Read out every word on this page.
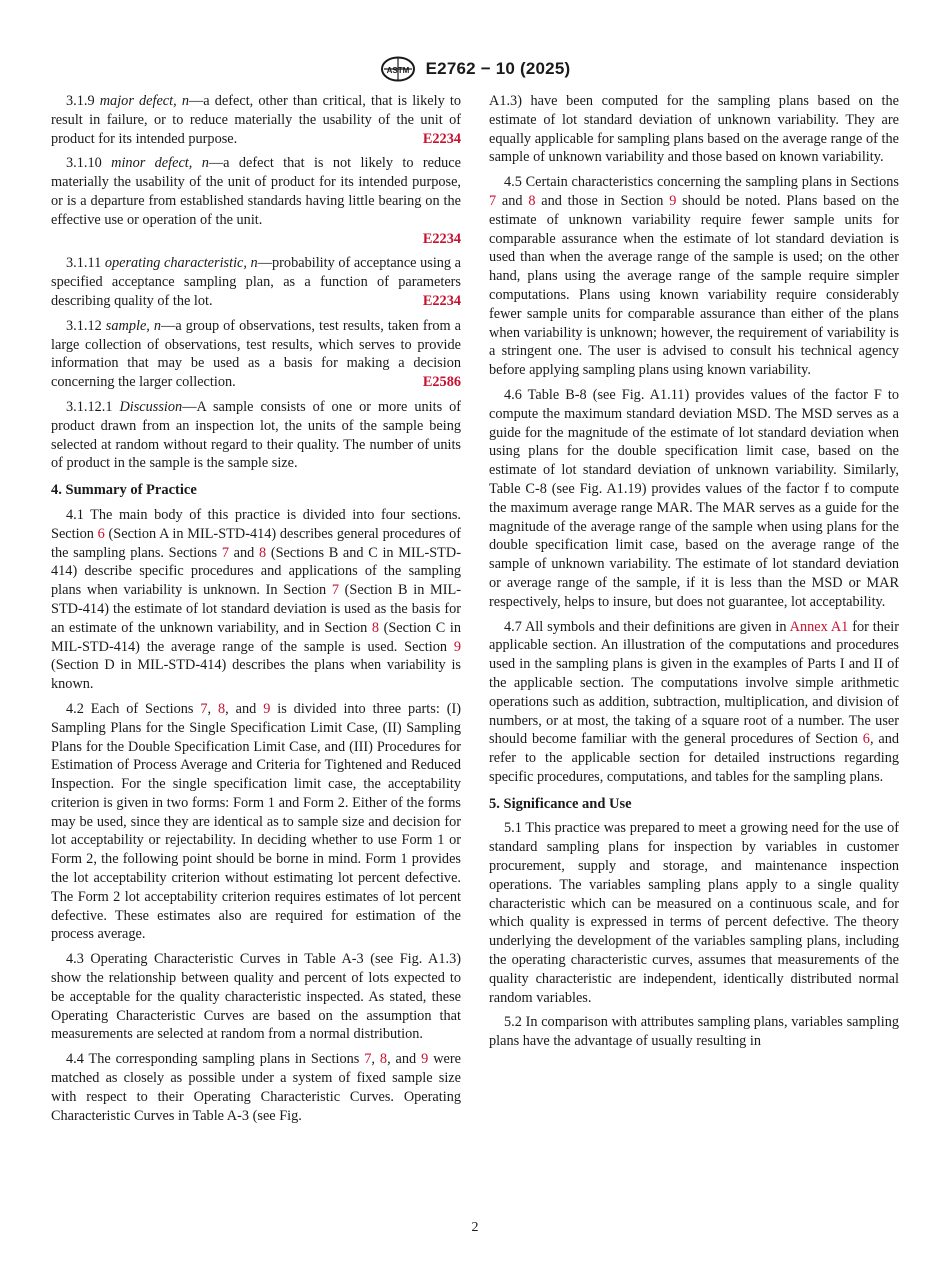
ASTM E2762 − 10 (2025)

3.1.9 major defect, n—a defect, other than critical, that is likely to result in failure, or to reduce materially the usability of the unit of product for its intended purpose.	E2234

3.1.10 minor defect, n—a defect that is not likely to reduce materially the usability of the unit of product for its intended purpose, or is a departure from established standards having little bearing on the effective use or operation of the unit.
E2234

3.1.11 operating characteristic, n—probability of acceptance using a specified acceptance sampling plan, as a function of parameters describing quality of the lot.	E2234

3.1.12 sample, n—a group of observations, test results, taken from a large collection of observations, test results, which serves to provide information that may be used as a basis for making a decision concerning the larger collection.	E2586

3.1.12.1 Discussion—A sample consists of one or more units of product drawn from an inspection lot, the units of the sample being selected at random without regard to their quality. The number of units of product in the sample is the sample size.

4. Summary of Practice

4.1 The main body of this practice is divided into four sections. Section 6 (Section A in MIL-STD-414) describes general procedures of the sampling plans. Sections 7 and 8 (Sections B and C in MIL-STD-414) describe specific procedures and applications of the sampling plans when variability is unknown. In Section 7 (Section B in MIL-STD-414) the estimate of lot standard deviation is used as the basis for an estimate of the unknown variability, and in Section 8 (Section C in MIL-STD-414) the average range of the sample is used. Section 9 (Section D in MIL-STD-414) describes the plans when variability is known.

4.2 Each of Sections 7, 8, and 9 is divided into three parts: (I) Sampling Plans for the Single Specification Limit Case, (II) Sampling Plans for the Double Specification Limit Case, and (III) Procedures for Estimation of Process Average and Criteria for Tightened and Reduced Inspection. For the single specification limit case, the acceptability criterion is given in two forms: Form 1 and Form 2. Either of the forms may be used, since they are identical as to sample size and decision for lot acceptability or rejectability. In deciding whether to use Form 1 or Form 2, the following point should be borne in mind. Form 1 provides the lot acceptability criterion without estimating lot percent defective. The Form 2 lot acceptability criterion requires estimates of lot percent defective. These estimates also are required for estimation of the process average.

4.3 Operating Characteristic Curves in Table A-3 (see Fig. A1.3) show the relationship between quality and percent of lots expected to be acceptable for the quality characteristic inspected. As stated, these Operating Characteristic Curves are based on the assumption that measurements are selected at random from a normal distribution.

4.4 The corresponding sampling plans in Sections 7, 8, and 9 were matched as closely as possible under a system of fixed sample size with respect to their Operating Characteristic Curves. Operating Characteristic Curves in Table A-3 (see Fig.

A1.3) have been computed for the sampling plans based on the estimate of lot standard deviation of unknown variability. They are equally applicable for sampling plans based on the average range of the sample of unknown variability and those based on known variability.

4.5 Certain characteristics concerning the sampling plans in Sections 7 and 8 and those in Section 9 should be noted. Plans based on the estimate of unknown variability require fewer sample units for comparable assurance when the estimate of lot standard deviation is used than when the average range of the sample is used; on the other hand, plans using the average range of the sample require simpler computations. Plans using known variability require considerably fewer sample units for comparable assurance than either of the plans when variability is unknown; however, the requirement of variability is a stringent one. The user is advised to consult his technical agency before applying sampling plans using known variability.

4.6 Table B-8 (see Fig. A1.11) provides values of the factor F to compute the maximum standard deviation MSD. The MSD serves as a guide for the magnitude of the estimate of lot standard deviation when using plans for the double specification limit case, based on the estimate of lot standard deviation of unknown variability. Similarly, Table C-8 (see Fig. A1.19) provides values of the factor f to compute the maximum average range MAR. The MAR serves as a guide for the magnitude of the average range of the sample when using plans for the double specification limit case, based on the average range of the sample of unknown variability. The estimate of lot standard deviation or average range of the sample, if it is less than the MSD or MAR respectively, helps to insure, but does not guarantee, lot acceptability.

4.7 All symbols and their definitions are given in Annex A1 for their applicable section. An illustration of the computations and procedures used in the sampling plans is given in the examples of Parts I and II of the applicable section. The computations involve simple arithmetic operations such as addition, subtraction, multiplication, and division of numbers, or at most, the taking of a square root of a number. The user should become familiar with the general procedures of Section 6, and refer to the applicable section for detailed instructions regarding specific procedures, computations, and tables for the sampling plans.

5. Significance and Use

5.1 This practice was prepared to meet a growing need for the use of standard sampling plans for inspection by variables in customer procurement, supply and storage, and maintenance inspection operations. The variables sampling plans apply to a single quality characteristic which can be measured on a continuous scale, and for which quality is expressed in terms of percent defective. The theory underlying the development of the variables sampling plans, including the operating characteristic curves, assumes that measurements of the quality characteristic are independent, identically distributed normal random variables.

5.2 In comparison with attributes sampling plans, variables sampling plans have the advantage of usually resulting in

2
